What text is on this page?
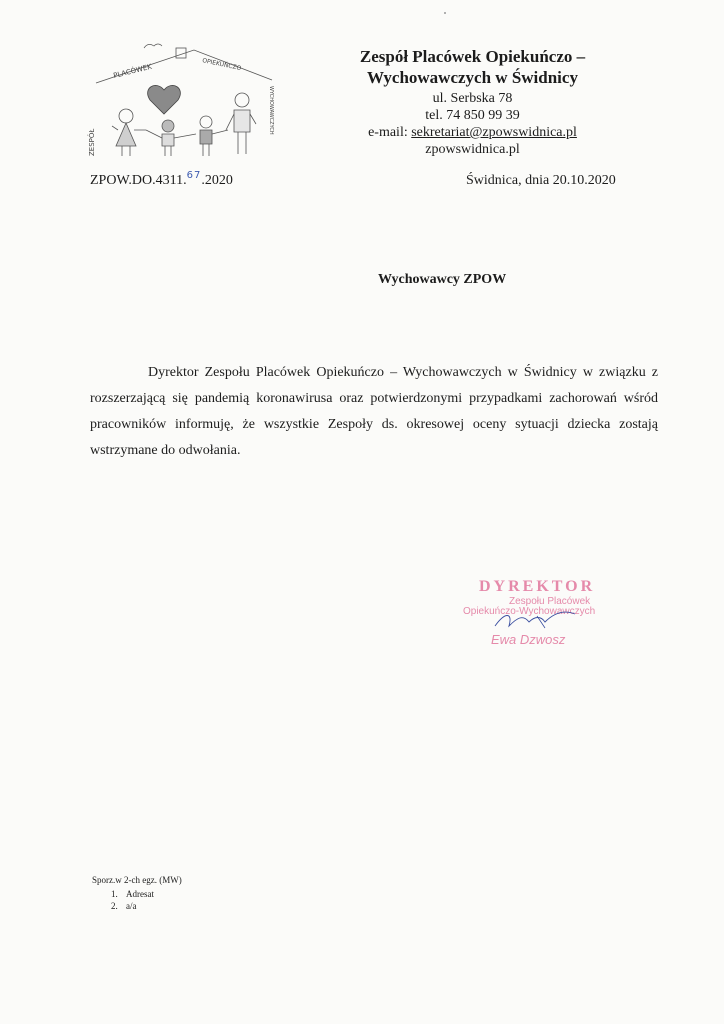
PLACÓWEK	OPIEKUŃCZO
ZESPÓŁ
WYCHOWAWCZYCH
Zespół Placówek Opiekuńczo –
Wychowawczych w Świdnicy
ul. Serbska 78
tel. 74 850 99 39
e-mail: sekretariat@zpowswidnica.pl
zpowswidnica.pl
ZPOW.DO.4311.67.2020	Świdnica, dnia 20.10.2020
Wychowawcy ZPOW
Dyrektor Zespołu Placówek Opiekuńczo – Wychowawczych w Świdnicy w związku z rozszerzającą się pandemią koronawirusa oraz potwierdzonymi przypadkami zachorowań wśród pracowników informuję, że wszystkie Zespoły ds. okresowej oceny sytuacji dziecka zostają wstrzymane do odwołania.
DYREKTOR
Zespołu Placówek
Opiekuńczo-Wychowawczych
Ewa Dzwosz
Sporz.w 2-ch egz. (MW)
1. Adresat
2. a/a
